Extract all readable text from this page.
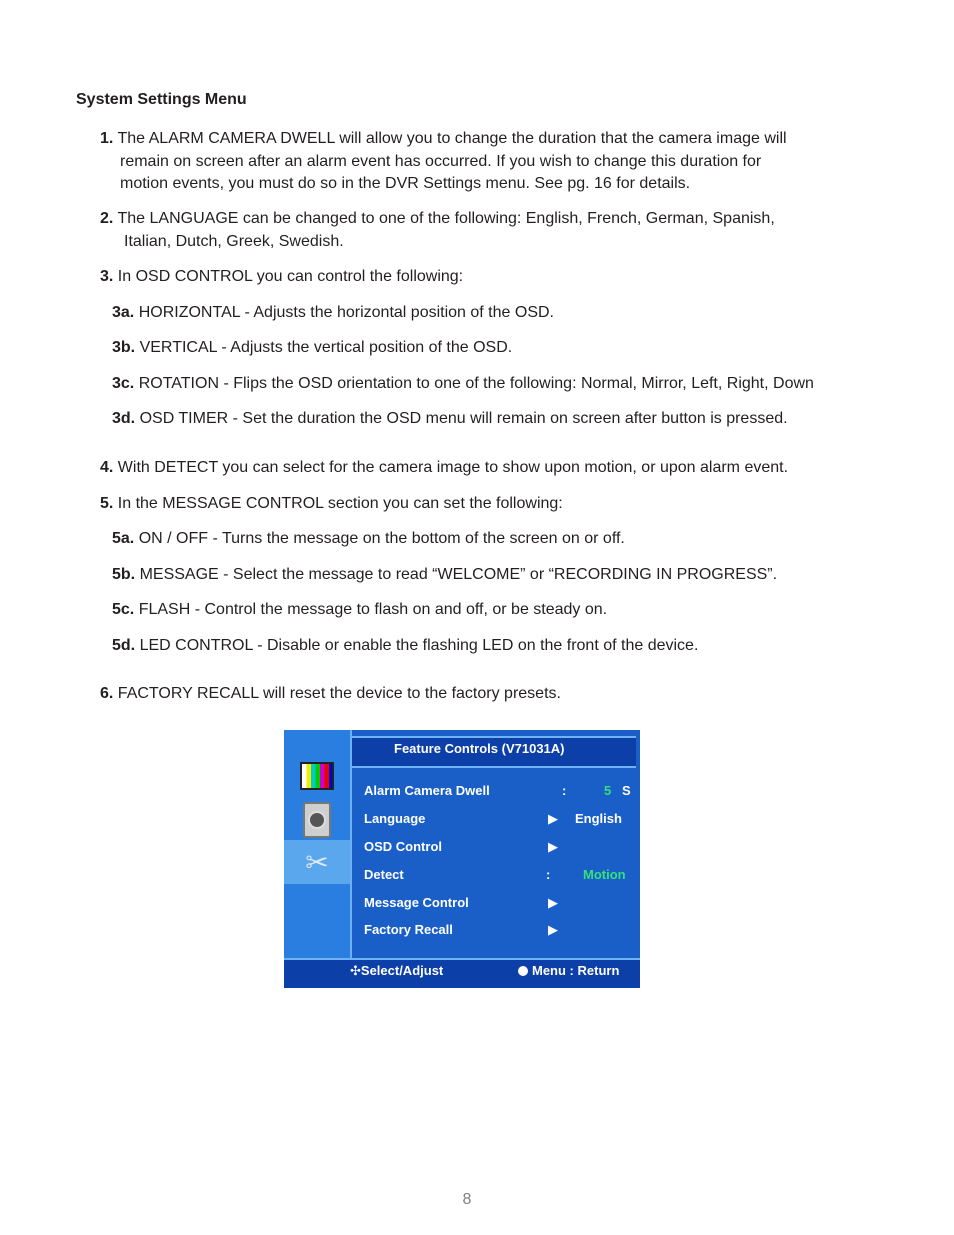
System Settings Menu
1. The ALARM CAMERA DWELL will allow you to change the duration that the camera image will
remain on screen after an alarm event has occurred. If you wish to change this duration for
motion events, you must do so in the DVR Settings menu. See pg. 16 for details.
2. The LANGUAGE can be changed to one of the following: English, French, German, Spanish,
Italian, Dutch, Greek, Swedish.
3. In OSD CONTROL you can control the following:
3a. HORIZONTAL - Adjusts the horizontal position of the OSD.
3b. VERTICAL - Adjusts the vertical position of the OSD.
3c. ROTATION - Flips the OSD orientation to one of the following: Normal, Mirror, Left, Right, Down
3d. OSD TIMER - Set the duration the OSD menu will remain on screen after button is pressed.
4. With DETECT you can select for the camera image to show upon motion, or upon alarm event.
5. In the MESSAGE CONTROL section you can set the following:
5a. ON / OFF - Turns the message on the bottom of the screen on or off.
5b. MESSAGE - Select the message to read “WELCOME” or “RECORDING IN PROGRESS”.
5c. FLASH - Control the message to flash on and off, or be steady on.
5d. LED CONTROL - Disable or enable the flashing LED on the front of the device.
6. FACTORY RECALL will reset the device to the factory presets.
✂
Feature Controls (V71031A)
Alarm Camera Dwell	:	5 S
Language	▶ English
OSD Control	▶
Detect	:	Motion
Message Control	▶
Factory Recall	▶
✣Select/Adjust	Menu : Return
8
